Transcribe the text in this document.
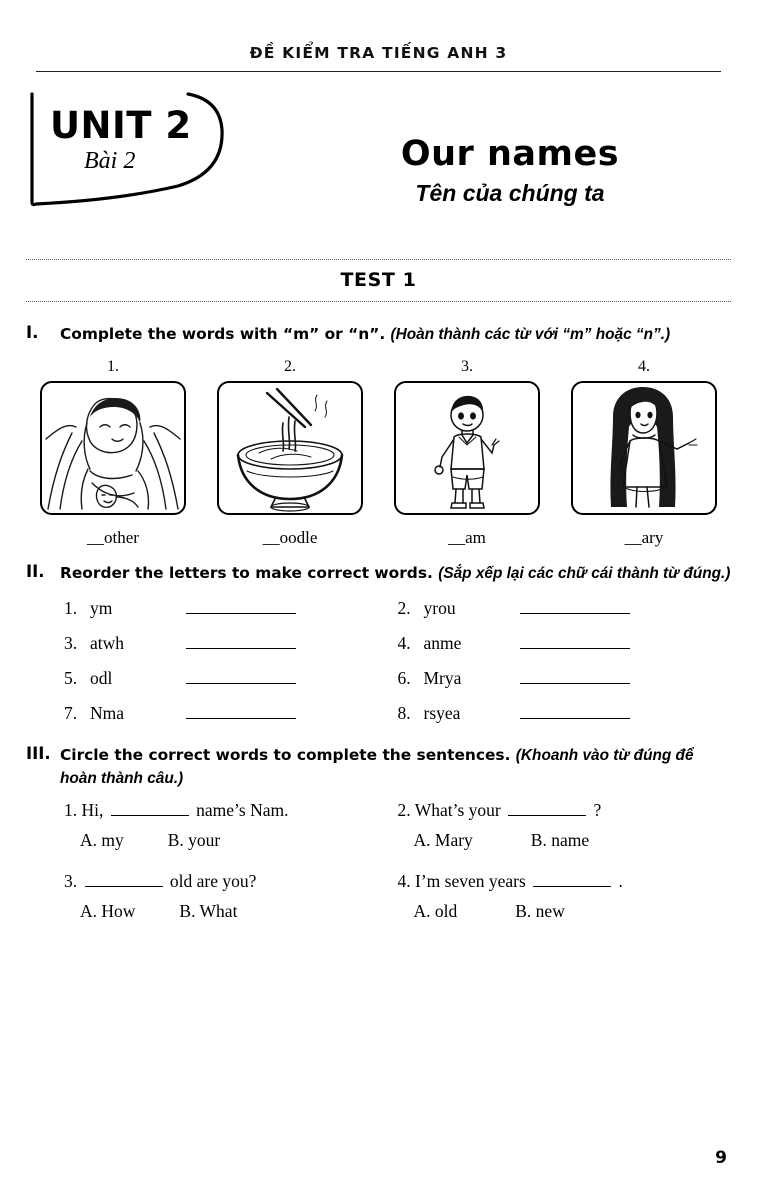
ĐỀ KIỂM TRA TIẾNG ANH 3
UNIT 2
Bài 2	Our names
Tên của chúng ta
TEST 1
I.	Complete the words with “m” or “n”. (Hoàn thành các từ với “m” hoặc “n”.)
1.
__other
2.
__oodle
3.
__am
4.
__ary
II.	Reorder the letters to make correct words. (Sắp xếp lại các chữ cái thành từ đúng.)
1. ym	2. yrou
3. atwh	4. anme
5. odl	6. Mrya
7. Nma	8. rsyea
III. Circle the correct words to complete the sentences. (Khoanh vào từ đúng để hoàn thành câu.)
1. Hi,	name’s Nam.
A. my	B. your
2. What’s your	?
A. Mary	B. name
3.	old are you?
A. How	B. What
4. I’m seven years	.
A. old	B. new
9
